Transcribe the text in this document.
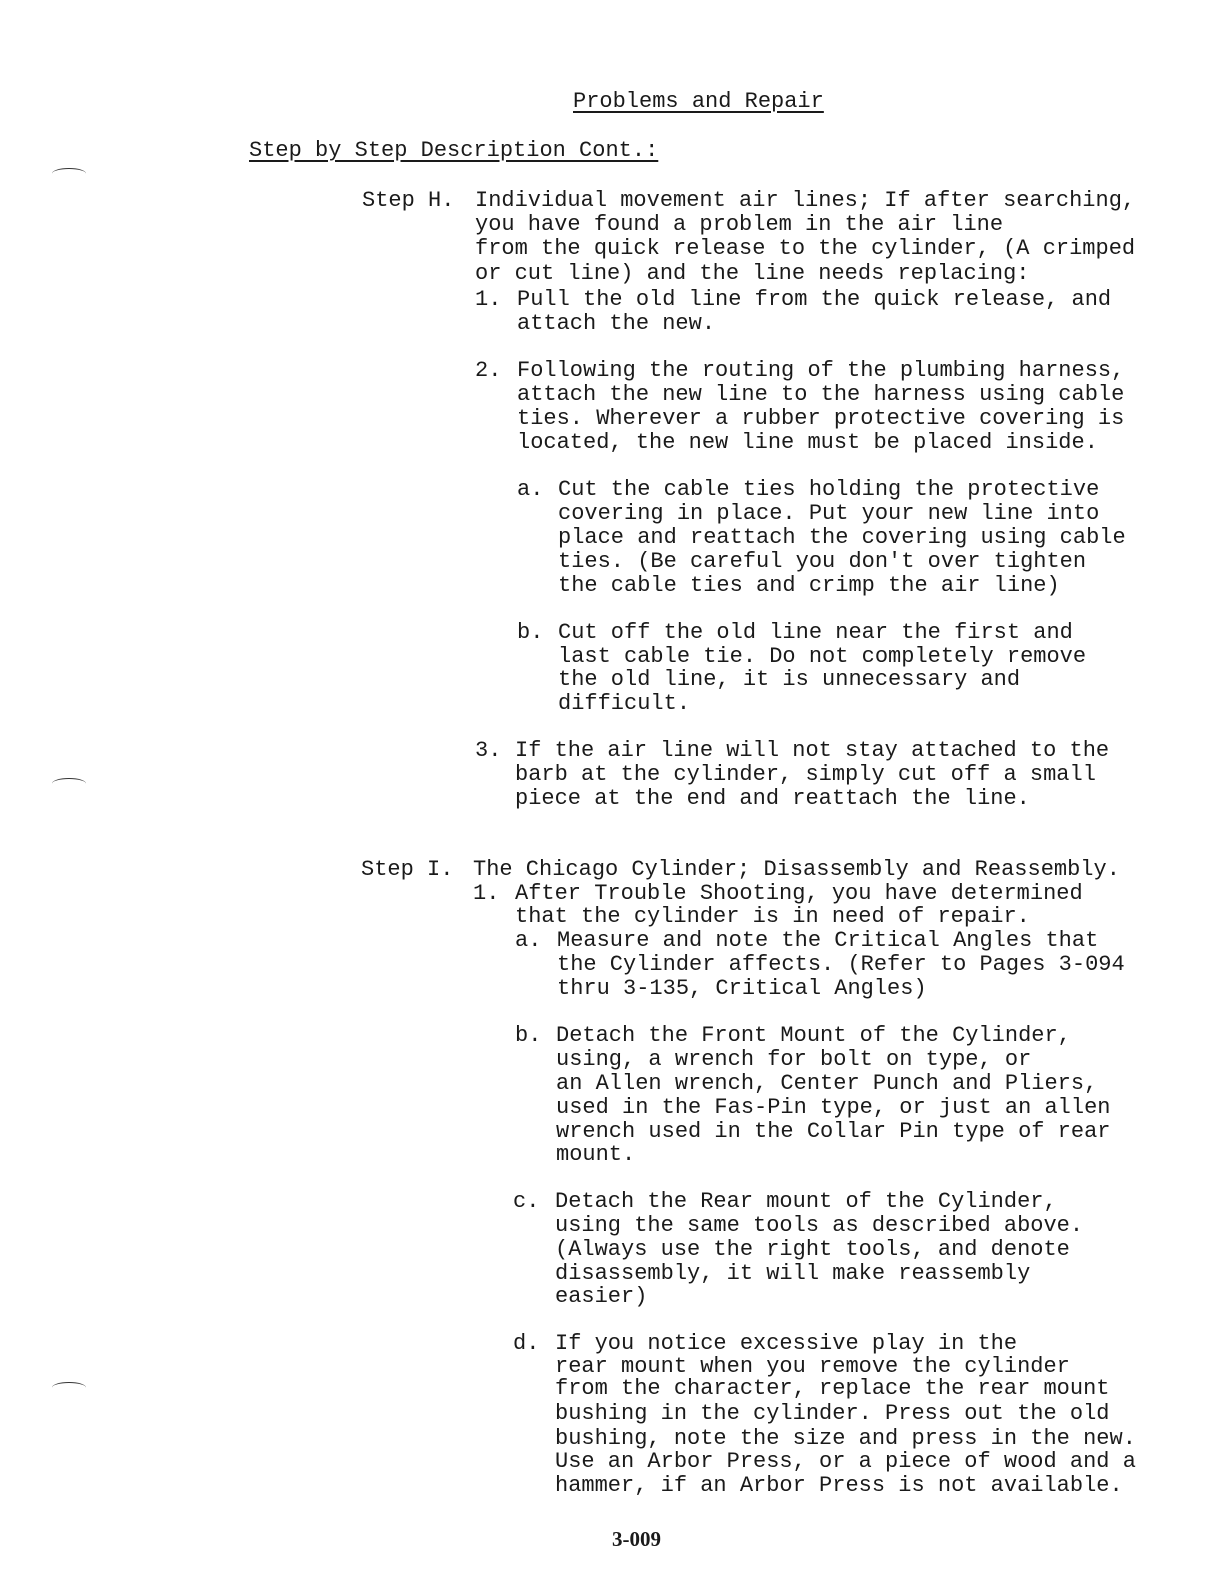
Problems and Repair
Step by Step Description Cont.:
Step H. Individual movement air lines; If after searching,
you have found a problem in the air line
from the quick release to the cylinder, (A crimped
or cut line) and the line needs replacing:
1. Pull the old line from the quick release, and
attach the new.
2. Following the routing of the plumbing harness,
attach the new line to the harness using cable
ties. Wherever a rubber protective covering is
located, the new line must be placed inside.
a. Cut the cable ties holding the protective
covering in place. Put your new line into
place and reattach the covering using cable
ties. (Be careful you don't over tighten
the cable ties and crimp the air line)
b. Cut off the old line near the first and
last cable tie. Do not completely remove
the old line, it is unnecessary and
difficult.
3. If the air line will not stay attached to the
barb at the cylinder, simply cut off a small
piece at the end and reattach the line.
Step I. The Chicago Cylinder; Disassembly and Reassembly.
1. After Trouble Shooting, you have determined
that the cylinder is in need of repair.
a. Measure and note the Critical Angles that
the Cylinder affects. (Refer to Pages 3-094
thru 3-135, Critical Angles)
b. Detach the Front Mount of the Cylinder,
using, a wrench for bolt on type, or
an Allen wrench, Center Punch and Pliers,
used in the Fas-Pin type, or just an allen
wrench used in the Collar Pin type of rear
mount.
c. Detach the Rear mount of the Cylinder,
using the same tools as described above.
(Always use the right tools, and denote
disassembly, it will make reassembly
easier)
d. If you notice excessive play in the
rear mount when you remove the cylinder
from the character, replace the rear mount
bushing in the cylinder. Press out the old
bushing, note the size and press in the new.
Use an Arbor Press, or a piece of wood and a
hammer, if an Arbor Press is not available.
3-009
